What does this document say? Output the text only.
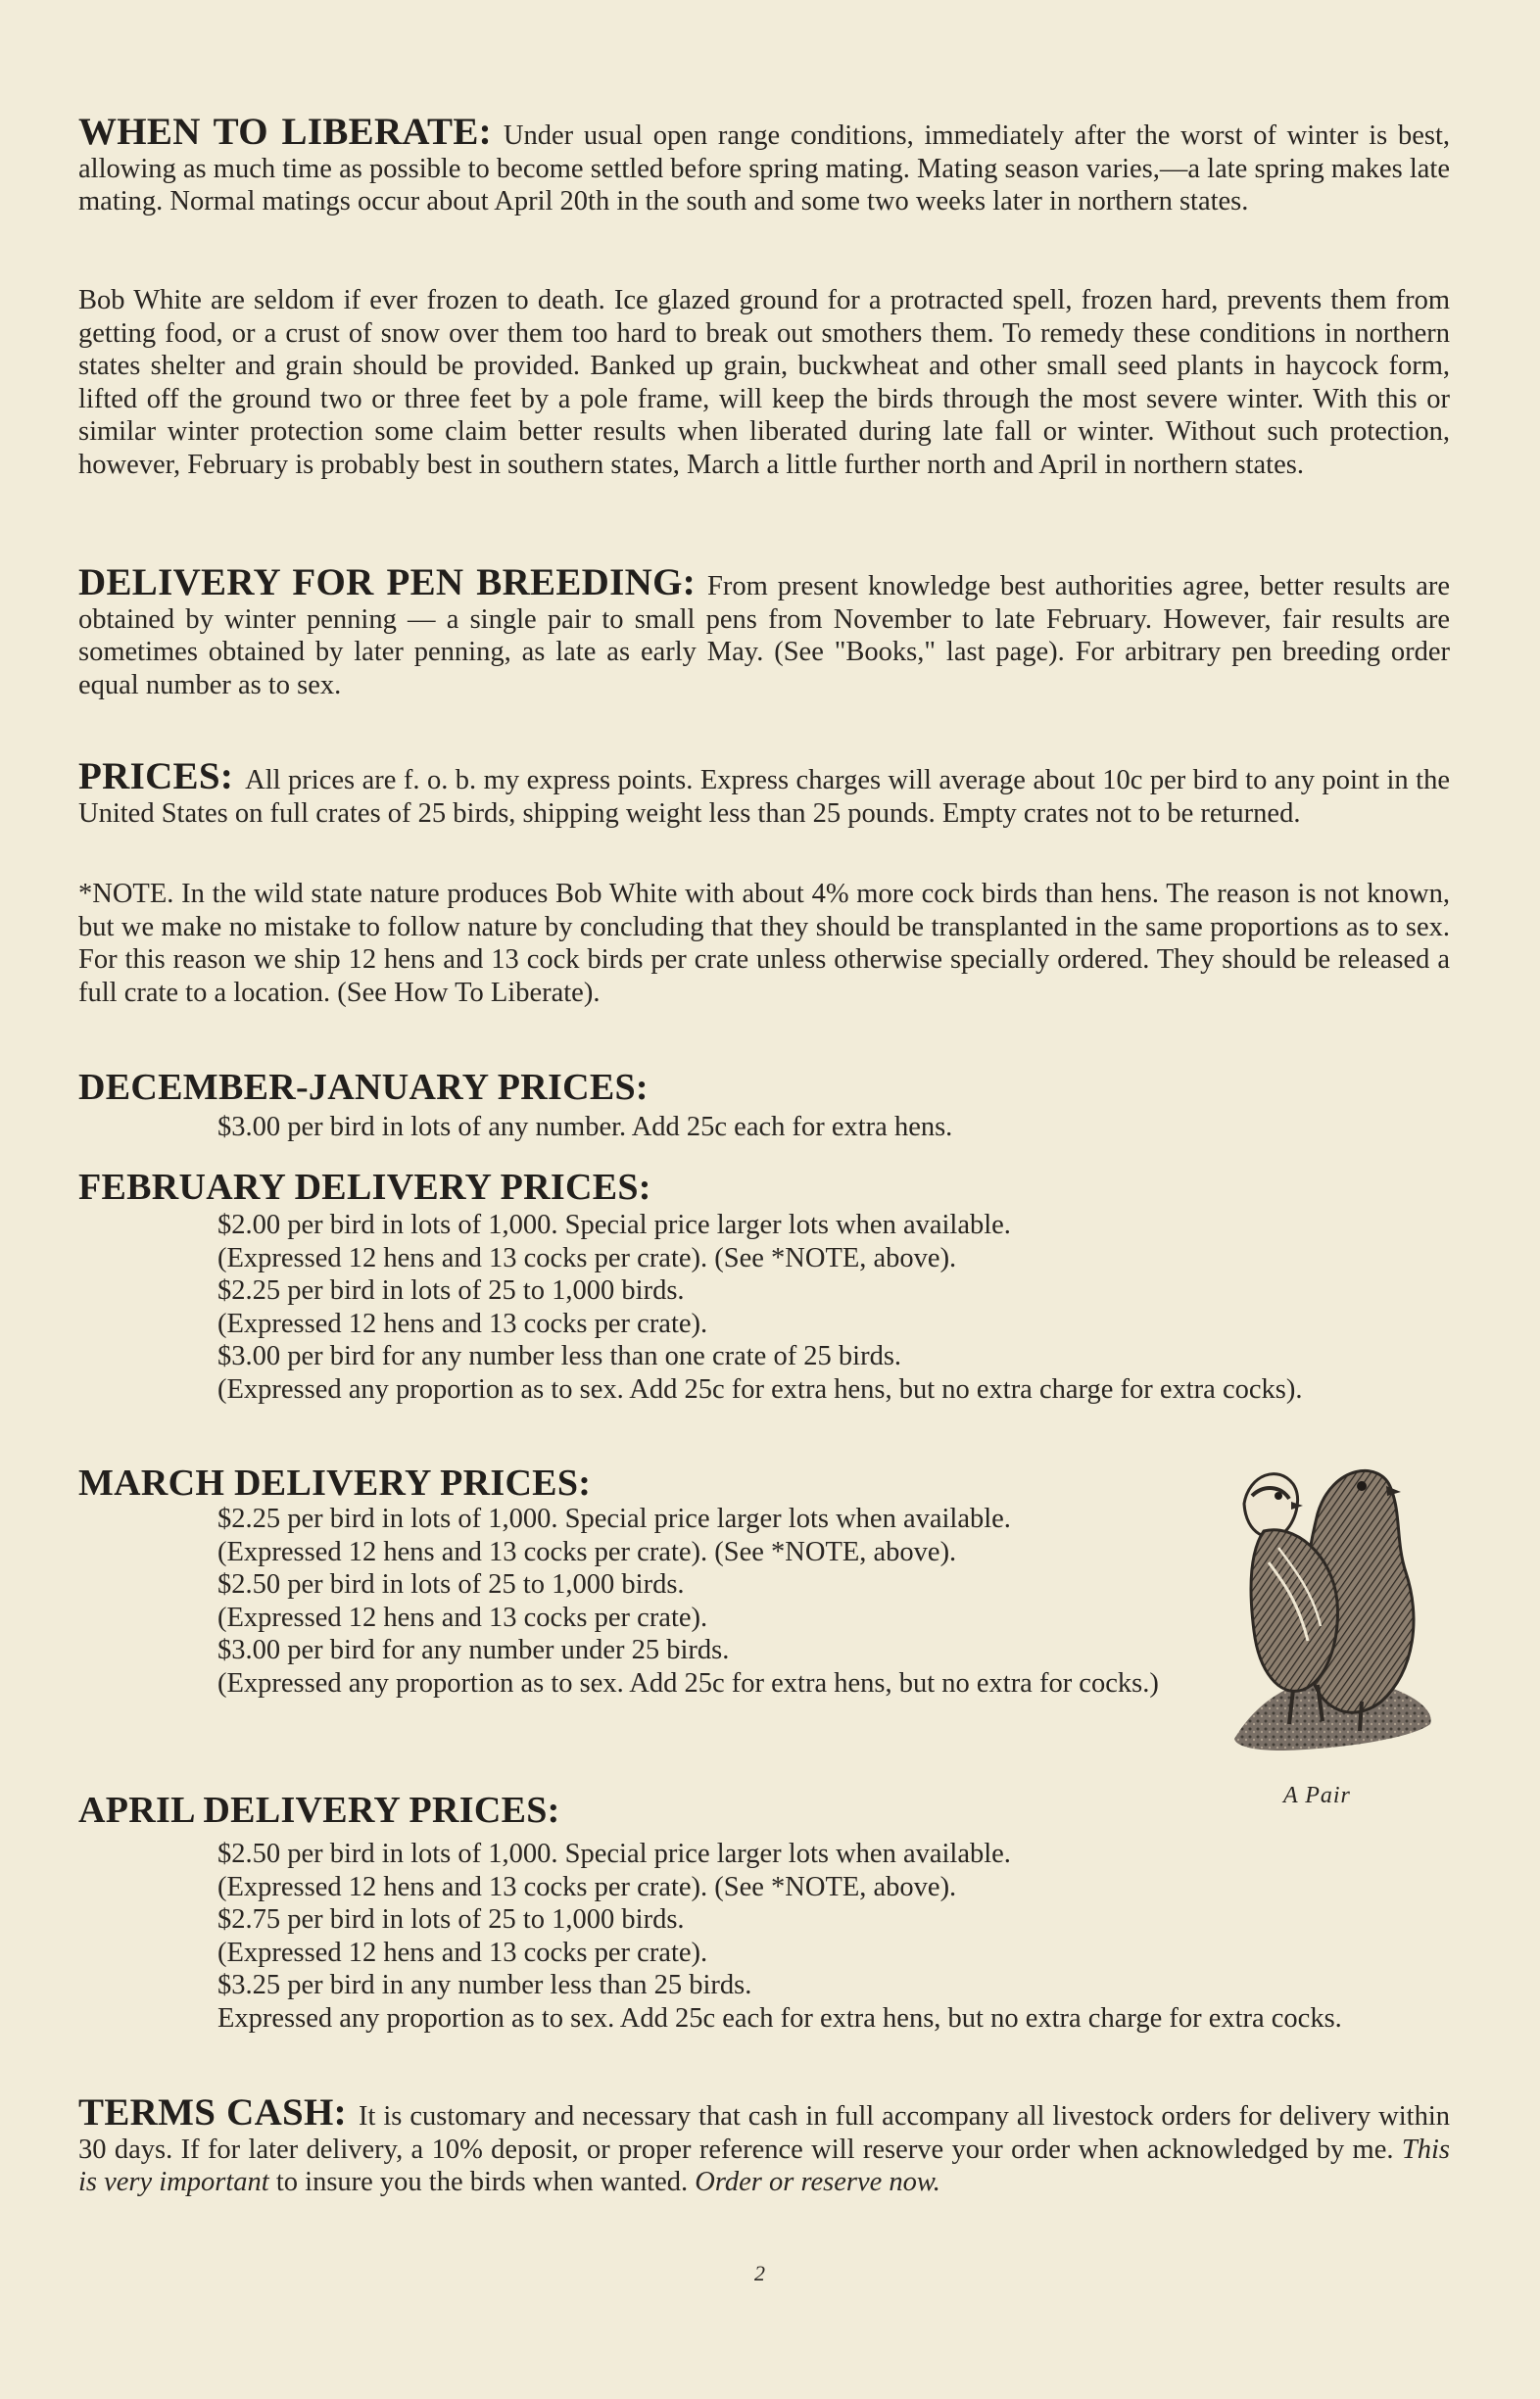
WHEN TO LIBERATE: Under usual open range conditions, immediately after the worst of winter is best, allowing as much time as possible to become settled before spring mating. Mating season varies,—a late spring makes late mating. Normal matings occur about April 20th in the south and some two weeks later in northern states.

Bob White are seldom if ever frozen to death. Ice glazed ground for a protracted spell, frozen hard, prevents them from getting food, or a crust of snow over them too hard to break out smothers them. To remedy these conditions in northern states shelter and grain should be provided. Banked up grain, buckwheat and other small seed plants in haycock form, lifted off the ground two or three feet by a pole frame, will keep the birds through the most severe winter. With this or similar winter protection some claim better results when liberated during late fall or winter. Without such protection, however, February is probably best in southern states, March a little further north and April in northern states.

DELIVERY FOR PEN BREEDING: From present knowledge best authorities agree, better results are obtained by winter penning — a single pair to small pens from November to late February. However, fair results are sometimes obtained by later penning, as late as early May. (See "Books," last page). For arbitrary pen breeding order equal number as to sex.

PRICES: All prices are f. o. b. my express points. Express charges will average about 10c per bird to any point in the United States on full crates of 25 birds, shipping weight less than 25 pounds. Empty crates not to be returned.

*NOTE. In the wild state nature produces Bob White with about 4% more cock birds than hens. The reason is not known, but we make no mistake to follow nature by concluding that they should be transplanted in the same proportions as to sex. For this reason we ship 12 hens and 13 cock birds per crate unless otherwise specially ordered. They should be released a full crate to a location. (See How To Liberate).

DECEMBER-JANUARY PRICES:

$3.00 per bird in lots of any number. Add 25c each for extra hens.

FEBRUARY DELIVERY PRICES:

$2.00 per bird in lots of 1,000. Special price larger lots when available.

(Expressed 12 hens and 13 cocks per crate). (See *NOTE, above).

$2.25 per bird in lots of 25 to 1,000 birds.

(Expressed 12 hens and 13 cocks per crate).

$3.00 per bird for any number less than one crate of 25 birds.

(Expressed any proportion as to sex. Add 25c for extra hens, but no extra charge for extra cocks).

MARCH DELIVERY PRICES:

$2.25 per bird in lots of 1,000. Special price larger lots when available.

(Expressed 12 hens and 13 cocks per crate). (See *NOTE, above).

$2.50 per bird in lots of 25 to 1,000 birds.

(Expressed 12 hens and 13 cocks per crate).

$3.00 per bird for any number under 25 birds.

(Expressed any proportion as to sex. Add 25c for extra hens, but no extra for cocks.)

A Pair
APRIL DELIVERY PRICES:

$2.50 per bird in lots of 1,000. Special price larger lots when available.

(Expressed 12 hens and 13 cocks per crate). (See *NOTE, above).

$2.75 per bird in lots of 25 to 1,000 birds.

(Expressed 12 hens and 13 cocks per crate).

$3.25 per bird in any number less than 25 birds.

Expressed any proportion as to sex. Add 25c each for extra hens, but no extra charge for extra cocks.

TERMS CASH: It is customary and necessary that cash in full accompany all livestock orders for delivery within 30 days. If for later delivery, a 10% deposit, or proper reference will reserve your order when acknowledged by me. This is very important to insure you the birds when wanted. Order or reserve now.

2
